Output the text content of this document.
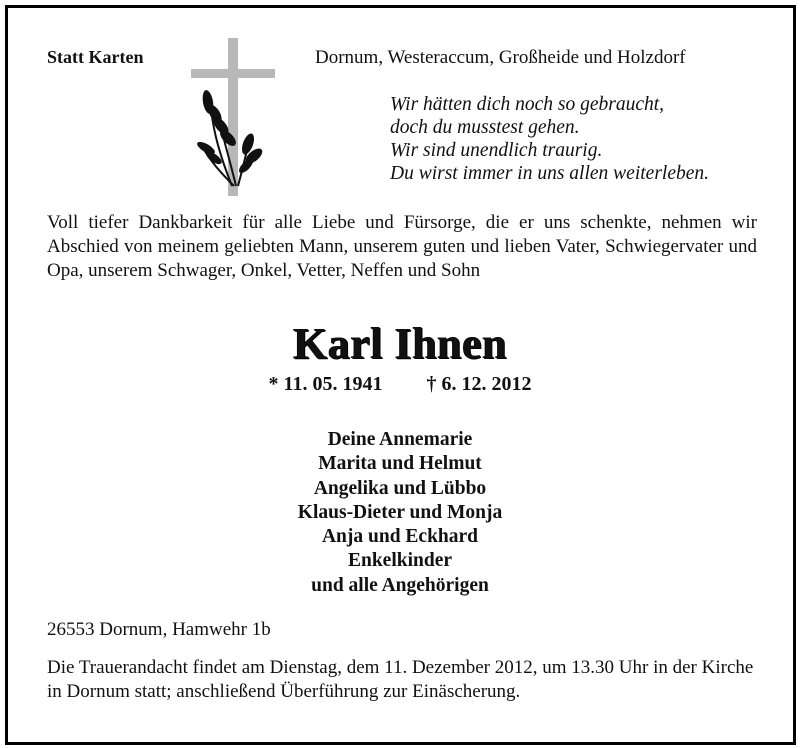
Statt Karten	Dornum, Westeraccum, Großheide und Holzdorf
Wir hätten dich noch so gebraucht,
doch du musstest gehen.
Wir sind unendlich traurig.
Du wirst immer in uns allen weiterleben.
Voll tiefer Dankbarkeit für alle Liebe und Fürsorge, die er uns schenkte, nehmen wir Abschied von meinem geliebten Mann, unserem guten und lieben Vater, Schwiegervater und Opa, unserem Schwager, Onkel, Vetter, Neffen und Sohn
Karl Ihnen
* 11. 05. 1941 † 6. 12. 2012
Deine Annemarie
Marita und Helmut
Angelika und Lübbo
Klaus-Dieter und Monja
Anja und Eckhard
Enkelkinder
und alle Angehörigen
26553 Dornum, Hamwehr 1b
Die Trauerandacht findet am Dienstag, dem 11. Dezember 2012, um 13.30 Uhr in der Kirche in Dornum statt; anschließend Überführung zur Einäscherung.
